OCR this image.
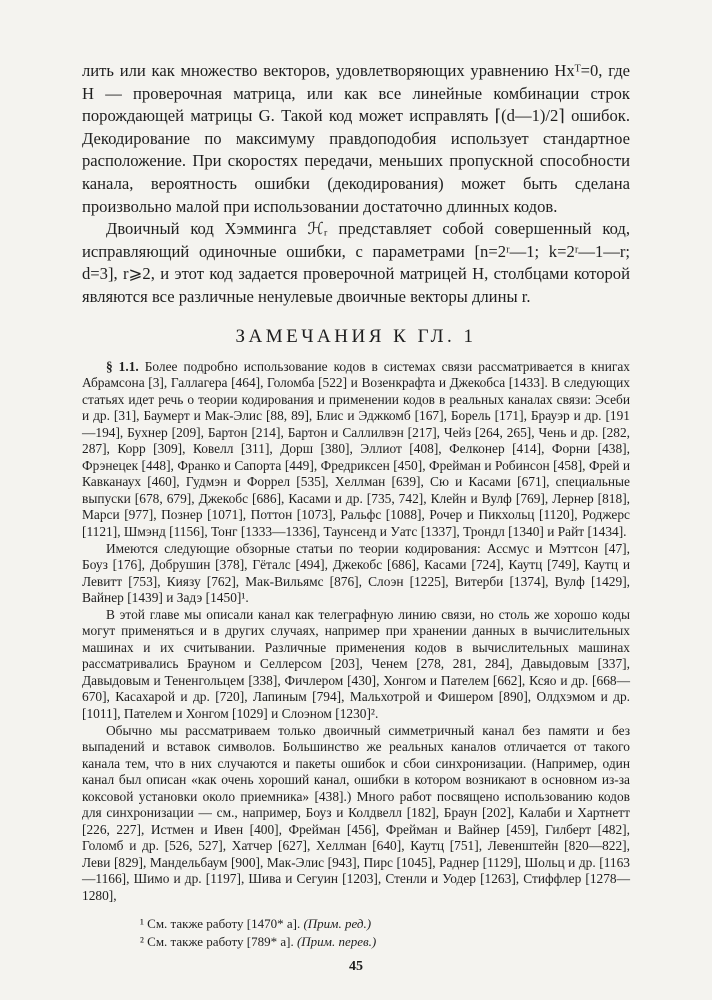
лить или как множество векторов, удовлетворяющих уравнению Hxᵀ=0, где H — проверочная матрица, или как все линейные комбинации строк порождающей матрицы G. Такой код может исправлять ⌈(d—1)/2⌉ ошибок. Декодирование по максимуму правдоподобия использует стандартное расположение. При скоростях передачи, меньших пропускной способности канала, вероятность ошибки (декодирования) может быть сделана произвольно малой при использовании достаточно длинных кодов.

Двоичный код Хэмминга ℋᵣ представляет собой совершенный код, исправляющий одиночные ошибки, с параметрами [n=2ʳ—1; k=2ʳ—1—r; d=3], r⩾2, и этот код задается проверочной матрицей H, столбцами которой являются все различные ненулевые двоичные векторы длины r.

ЗАМЕЧАНИЯ К ГЛ. 1

§ 1.1. Более подробно использование кодов в системах связи рассматривается в книгах Абрамсона [3], Галлагера [464], Голомба [522] и Возенкрафта и Джекобса [1433]. В следующих статьях идет речь о теории кодирования и применении кодов в реальных каналах связи: Эсеби и др. [31], Баумерт и Мак-Элис [88, 89], Блис и Эджкомб [167], Борель [171], Брауэр и др. [191—194], Бухнер [209], Бартон [214], Бартон и Саллилвэн [217], Чейз [264, 265], Чень и др. [282, 287], Корр [309], Ковелл [311], Дорш [380], Эллиот [408], Фелконер [414], Форни [438], Фрэнецек [448], Франко и Сапорта [449], Фредриксен [450], Фрейман и Робинсон [458], Фрей и Кавканаух [460], Гудмэн и Форрел [535], Хеллман [639], Сю и Касами [671], специальные выпуски [678, 679], Джекобс [686], Касами и др. [735, 742], Клейн и Вулф [769], Лернер [818], Марси [977], Познер [1071], Поттон [1073], Ральфс [1088], Рочер и Пикхольц [1120], Роджерс [1121], Шмэнд [1156], Тонг [1333—1336], Таунсенд и Уатс [1337], Трондл [1340] и Райт [1434].

Имеются следующие обзорные статьи по теории кодирования: Ассмус и Мэттсон [47], Боуз [176], Добрушин [378], Гёталс [494], Джекобс [686], Касами [724], Каутц [749], Каутц и Левитт [753], Киязу [762], Мак-Вильямс [876], Слоэн [1225], Витерби [1374], Вулф [1429], Вайнер [1439] и Задэ [1450]¹.

В этой главе мы описали канал как телеграфную линию связи, но столь же хорошо коды могут применяться и в других случаях, например при хранении данных в вычислительных машинах и их считывании. Различные применения кодов в вычислительных машинах рассматривались Брауном и Селлерсом [203], Ченем [278, 281, 284], Давыдовым [337], Давыдовым и Тененгольцем [338], Фичлером [430], Хонгом и Пателем [662], Ксяо и др. [668—670], Касахарой и др. [720], Лапиным [794], Мальхотрой и Фишером [890], Олдхэмом и др. [1011], Пателем и Хонгом [1029] и Слоэном [1230]².

Обычно мы рассматриваем только двоичный симметричный канал без памяти и без выпадений и вставок символов. Большинство же реальных каналов отличается от такого канала тем, что в них случаются и пакеты ошибок и сбои синхронизации. (Например, один канал был описан «как очень хороший канал, ошибки в котором возникают в основном из-за коксовой установки около приемника» [438].) Много работ посвящено использованию кодов для синхронизации — см., например, Боуз и Колдвелл [182], Браун [202], Калаби и Хартнетт [226, 227], Истмен и Ивен [400], Фрейман [456], Фрейман и Вайнер [459], Гилберт [482], Голомб и др. [526, 527], Хатчер [627], Хеллман [640], Каутц [751], Левенштейн [820—822], Леви [829], Мандельбаум [900], Мак-Элис [943], Пирс [1045], Раднер [1129], Шольц и др. [1163—1166], Шимо и др. [1197], Шива и Сегуин [1203], Стенли и Уодер [1263], Стиффлер [1278—1280],

¹ См. также работу [1470* а]. (Прим. ред.)

² См. также работу [789* а]. (Прим. перев.)

45
